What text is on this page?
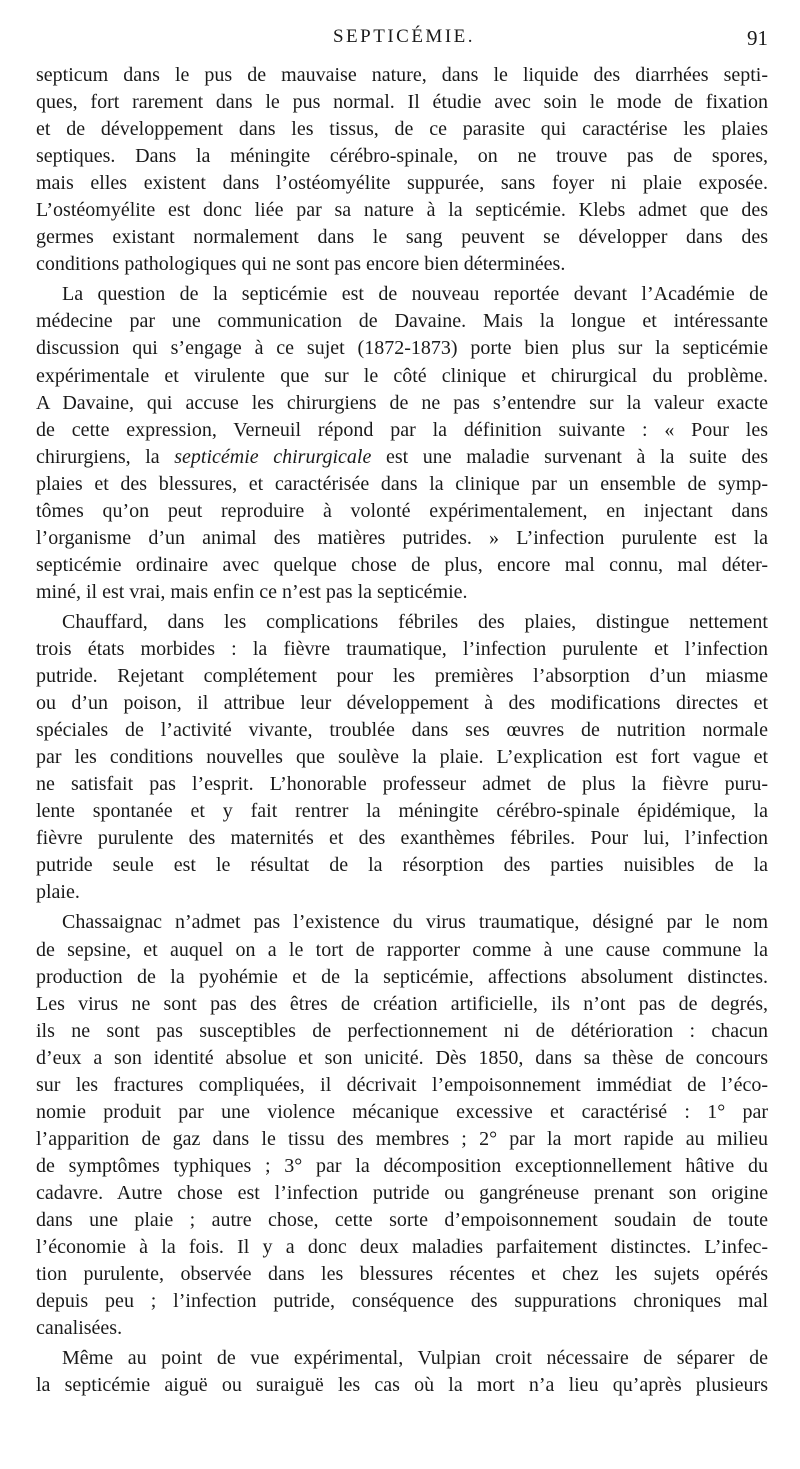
SEPTICÉMIE.	91
septicum dans le pus de mauvaise nature, dans le liquide des diarrhées septi-
ques, fort rarement dans le pus normal. Il étudie avec soin le mode de fixation
et de développement dans les tissus, de ce parasite qui caractérise les plaies
septiques. Dans la méningite cérébro-spinale, on ne trouve pas de spores,
mais elles existent dans l’ostéomyélite suppurée, sans foyer ni plaie exposée.
L’ostéomyélite est donc liée par sa nature à la septicémie. Klebs admet que des
germes existant normalement dans le sang peuvent se développer dans des
conditions pathologiques qui ne sont pas encore bien déterminées.
La question de la septicémie est de nouveau reportée devant l’Académie de
médecine par une communication de Davaine. Mais la longue et intéressante
discussion qui s’engage à ce sujet (1872-1873) porte bien plus sur la septicémie
expérimentale et virulente que sur le côté clinique et chirurgical du problème.
A Davaine, qui accuse les chirurgiens de ne pas s’entendre sur la valeur exacte
de cette expression, Verneuil répond par la définition suivante : « Pour les
chirurgiens, la septicémie chirurgicale est une maladie survenant à la suite des
plaies et des blessures, et caractérisée dans la clinique par un ensemble de symp-
tômes qu’on peut reproduire à volonté expérimentalement, en injectant dans
l’organisme d’un animal des matières putrides. » L’infection purulente est la
septicémie ordinaire avec quelque chose de plus, encore mal connu, mal déter-
miné, il est vrai, mais enfin ce n’est pas la septicémie.
Chauffard, dans les complications fébriles des plaies, distingue nettement
trois états morbides : la fièvre traumatique, l’infection purulente et l’infection
putride. Rejetant complétement pour les premières l’absorption d’un miasme
ou d’un poison, il attribue leur développement à des modifications directes et
spéciales de l’activité vivante, troublée dans ses œuvres de nutrition normale
par les conditions nouvelles que soulève la plaie. L’explication est fort vague et
ne satisfait pas l’esprit. L’honorable professeur admet de plus la fièvre puru-
lente spontanée et y fait rentrer la méningite cérébro-spinale épidémique, la
fièvre purulente des maternités et des exanthèmes fébriles. Pour lui, l’infection
putride seule est le résultat de la résorption des parties nuisibles de la
plaie.
Chassaignac n’admet pas l’existence du virus traumatique, désigné par le nom
de sepsine, et auquel on a le tort de rapporter comme à une cause commune la
production de la pyohémie et de la septicémie, affections absolument distinctes.
Les virus ne sont pas des êtres de création artificielle, ils n’ont pas de degrés,
ils ne sont pas susceptibles de perfectionnement ni de détérioration : chacun
d’eux a son identité absolue et son unicité. Dès 1850, dans sa thèse de concours
sur les fractures compliquées, il décrivait l’empoisonnement immédiat de l’éco-
nomie produit par une violence mécanique excessive et caractérisé : 1° par
l’apparition de gaz dans le tissu des membres ; 2° par la mort rapide au milieu
de symptômes typhiques ; 3° par la décomposition exceptionnellement hâtive du
cadavre. Autre chose est l’infection putride ou gangréneuse prenant son origine
dans une plaie ; autre chose, cette sorte d’empoisonnement soudain de toute
l’économie à la fois. Il y a donc deux maladies parfaitement distinctes. L’infec-
tion purulente, observée dans les blessures récentes et chez les sujets opérés
depuis peu ; l’infection putride, conséquence des suppurations chroniques mal
canalisées.
Même au point de vue expérimental, Vulpian croit nécessaire de séparer de
la septicémie aiguë ou suraiguë les cas où la mort n’a lieu qu’après plusieurs
